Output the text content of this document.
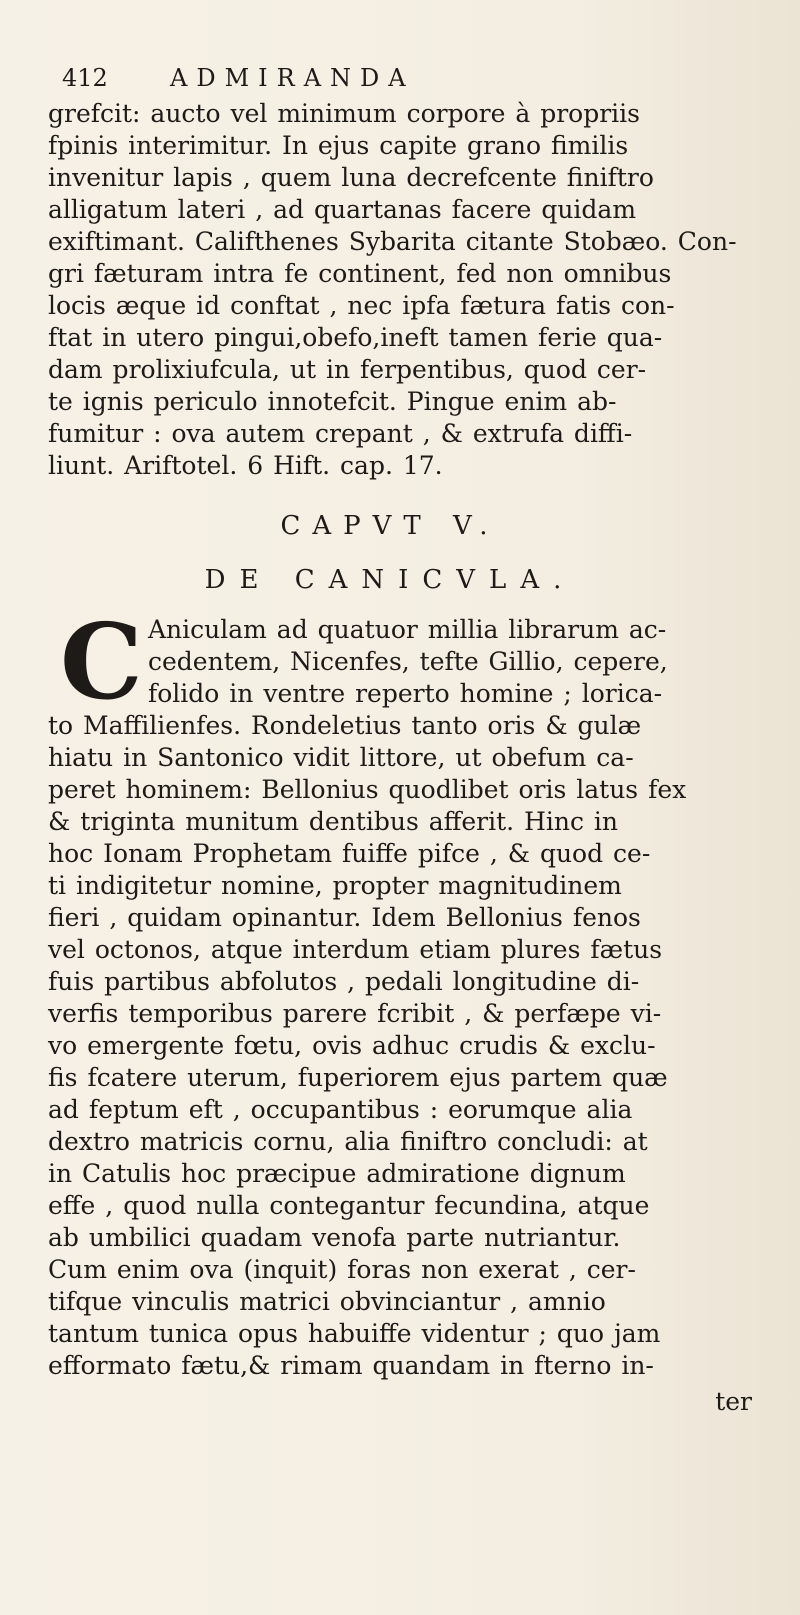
412	ADMIRANDA
grefcit: aucto vel minimum corpore à propriis
fpinis interimitur. In ejus capite grano fimilis
invenitur lapis , quem luna decrefcente finiftro
alligatum lateri , ad quartanas facere quidam
exiftimant. Califthenes Sybarita citante Stobæo. Con-
gri fæturam intra fe continent, fed non omnibus
locis æque id conftat , nec ipfa fætura fatis con-
ftat in utero pingui,obefo,ineft tamen ferie qua-
dam prolixiufcula, ut in ferpentibus, quod cer-
te ignis periculo innotefcit. Pingue enim ab-
fumitur : ova autem crepant , & extrufa diffi-
liunt. Ariftotel. 6 Hift. cap. 17.
CAPVT V.
DE CANICVLA.
C Aniculam ad quatuor millia librarum ac-
cedentem, Nicenfes, tefte Gillio, cepere,
folido in ventre reperto homine ; lorica-
to Maffilienfes. Rondeletius tanto oris & gulæ
hiatu in Santonico vidit littore, ut obefum ca-
peret hominem: Bellonius quodlibet oris latus fex
& triginta munitum dentibus afferit. Hinc in
hoc Ionam Prophetam fuiffe pifce , & quod ce-
ti indigitetur nomine, propter magnitudinem
fieri , quidam opinantur. Idem Bellonius fenos
vel octonos, atque interdum etiam plures fætus
fuis partibus abfolutos , pedali longitudine di-
verfis temporibus parere fcribit , & perfæpe vi-
vo emergente fœtu, ovis adhuc crudis & exclu-
fis fcatere uterum, fuperiorem ejus partem quæ
ad feptum eft , occupantibus : eorumque alia
dextro matricis cornu, alia finiftro concludi: at
in Catulis hoc præcipue admiratione dignum
effe , quod nulla contegantur fecundina, atque
ab umbilici quadam venofa parte nutriantur.
Cum enim ova (inquit) foras non exerat , cer-
tifque vinculis matrici obvinciantur , amnio
tantum tunica opus habuiffe videntur ; quo jam
efformato fætu,& rimam quandam in fterno in-
ter
